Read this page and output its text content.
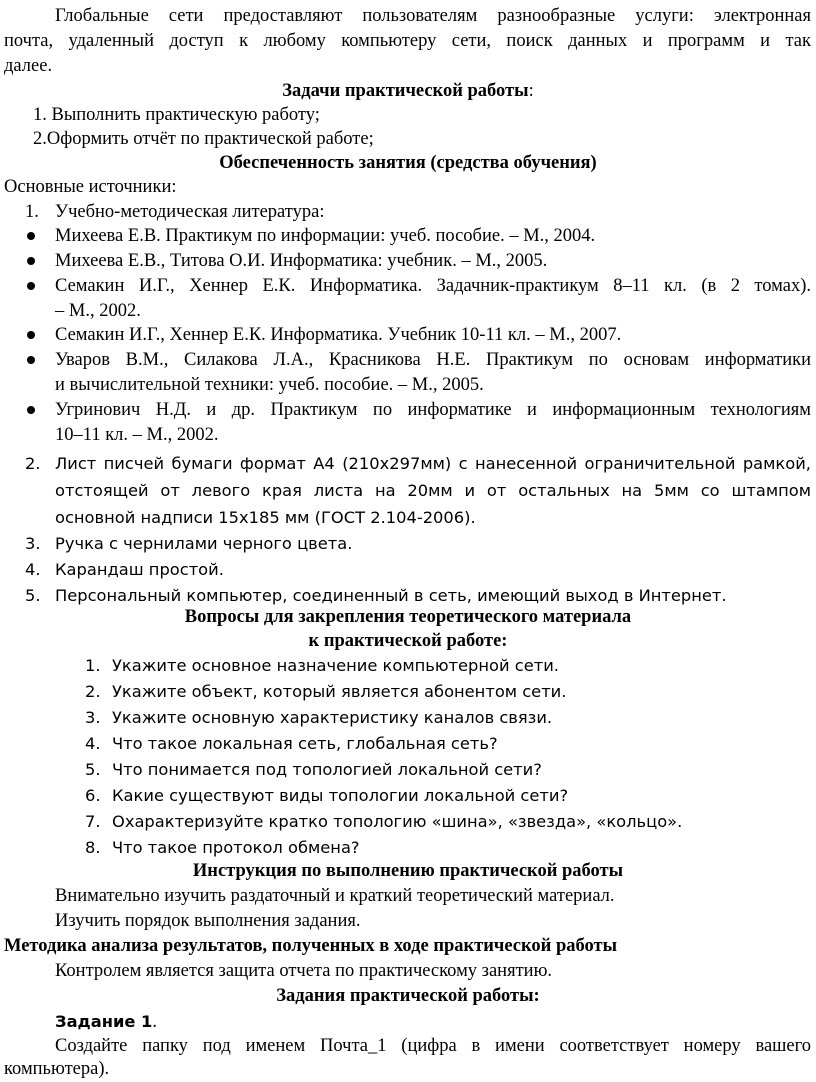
Глобальные сети предоставляют пользователям разнообразные услуги: электронная
почта, удаленный доступ к любому компьютеру сети, поиск данных и программ и так
далее.
Задачи практической работы:
1. Выполнить практическую работу;
2.Оформить отчёт по практической работе;
Обеспеченность занятия (средства обучения)
Основные источники:
1. Учебно-методическая литература:
Михеева Е.В. Практикум по информации: учеб. пособие. – М., 2004.
Михеева Е.В., Титова О.И. Информатика: учебник. – М., 2005.
Семакин И.Г., Хеннер Е.К. Информатика. Задачник-практикум 8–11 кл. (в 2 томах).
– М., 2002.
Семакин И.Г., Хеннер Е.К. Информатика. Учебник 10-11 кл. – М., 2007.
Уваров В.М., Силакова Л.А., Красникова Н.Е. Практикум по основам информатики
и вычислительной техники: учеб. пособие. – М., 2005.
Угринович Н.Д. и др. Практикум по информатике и информационным технологиям
10–11 кл. – М., 2002.
2. Лист писчей бумаги формат А4 (210х297мм) с нанесенной ограничительной рамкой,
отстоящей от левого края листа на 20мм и от остальных на 5мм со штампом
основной надписи 15х185 мм (ГОСТ 2.104-2006).
3. Ручка с чернилами черного цвета.
4. Карандаш простой.
5. Персональный компьютер, соединенный в сеть, имеющий выход в Интернет.
Вопросы для закрепления теоретического материала
к практической работе:
1. Укажите основное назначение компьютерной сети.
2. Укажите объект, который является абонентом сети.
3. Укажите основную характеристику каналов связи.
4. Что такое локальная сеть, глобальная сеть?
5. Что понимается под топологией локальной сети?
6. Какие существуют виды топологии локальной сети?
7. Охарактеризуйте кратко топологию «шина», «звезда», «кольцо».
8. Что такое протокол обмена?
Инструкция по выполнению практической работы
Внимательно изучить раздаточный и краткий теоретический материал.
Изучить порядок выполнения задания.
Методика анализа результатов, полученных в ходе практической работы
Контролем является защита отчета по практическому занятию.
Задания практической работы:
Задание 1.
Создайте папку под именем Почта_1 (цифра в имени соответствует номеру вашего
компьютера).
